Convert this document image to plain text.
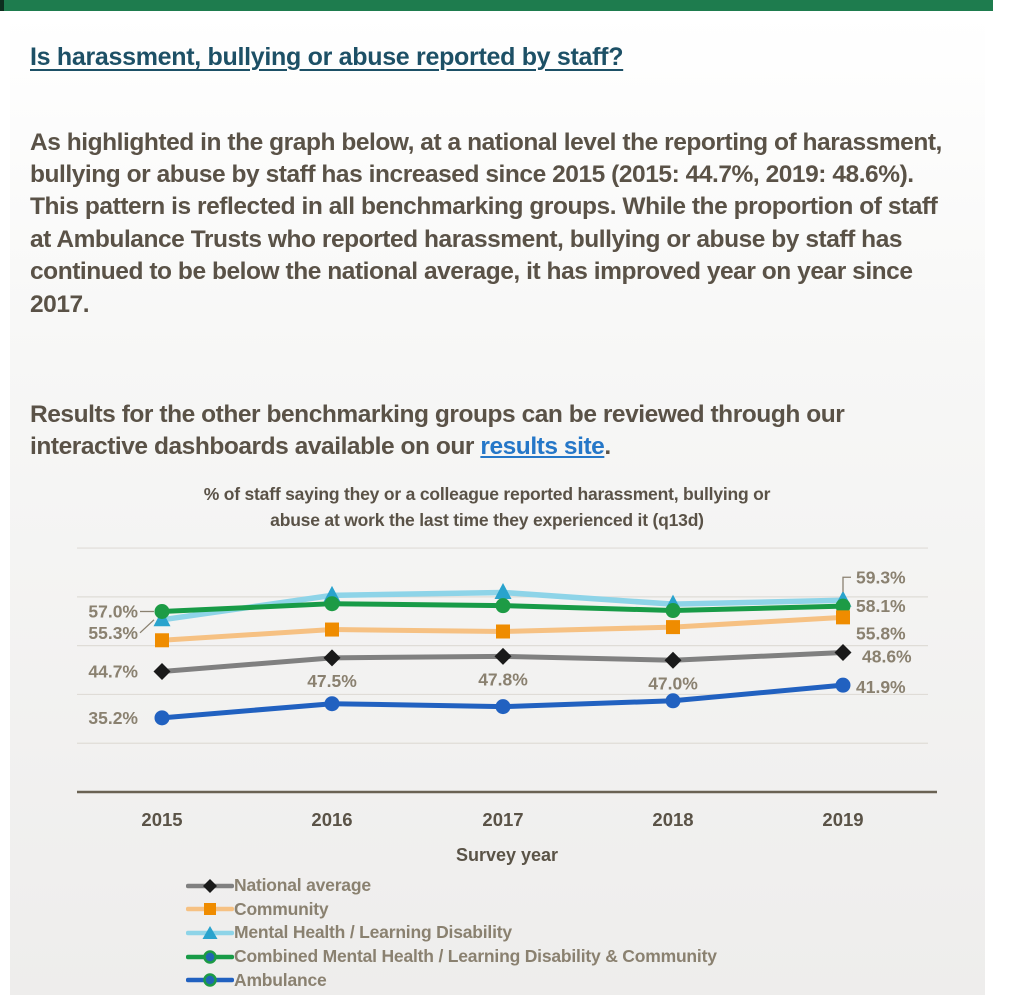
Is harassment, bullying or abuse reported by staff?

As highlighted in the graph below, at a national level the reporting of harassment, bullying or abuse by staff has increased since 2015 (2015: 44.7%, 2019: 48.6%). This pattern is reflected in all benchmarking groups. While the proportion of staff at Ambulance Trusts who reported harassment, bullying or abuse by staff has continued to be below the national average, it has improved year on year since 2017.

Results for the other benchmarking groups can be reviewed through our interactive dashboards available on our results site.

% of staff saying they or a colleague reported harassment, bullying or
abuse at work the last time they experienced it (q13d)
2015	2016	2017	2018	2019
Survey year
44.7%	47.5%	47.8%	47.0%
48.6%
55.8%
55.3%
59.3%
57.0%	58.1%
35.2%
41.9%
National average
Community
Mental Health / Learning Disability
Combined Mental Health / Learning Disability & Community
Ambulance
